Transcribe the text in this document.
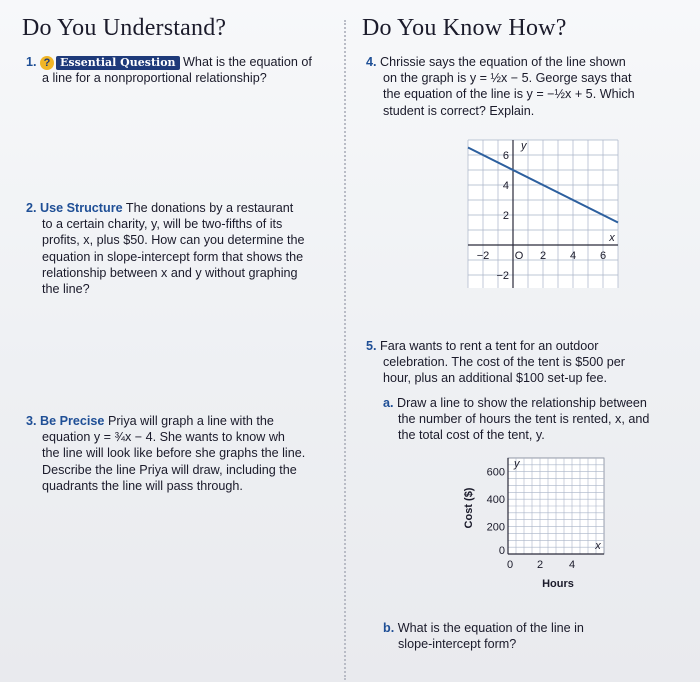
Do You Understand?
1. ? Essential Question What is the equation of
a line for a nonproportional relationship?
2. Use Structure The donations by a restaurant

to a certain charity, y, will be two-fifths of its
profits, x, plus $50. How can you determine the
equation in slope-intercept form that shows the
relationship between x and y without graphing
the line?
3. Be Precise Priya will graph a line with the

equation y = ¾x − 4. She wants to know wh
the line will look like before she graphs the line.
Describe the line Priya will draw, including the
quadrants the line will pass through.
Do You Know How?
4. Chrissie says the equation of the line shown

on the graph is y = ½x − 5. George says that
the equation of the line is y = −½x + 5. Which
student is correct? Explain.
−2 O 2 4 6
6
4
2
−2
x
y
5. Fara wants to rent a tent for an outdoor

celebration. The cost of the tent is $500 per
hour, plus an additional $100 set-up fee.
a. Draw a line to show the relationship between

the number of hours the tent is rented, x, and
the total cost of the tent, y.
0 2 4
600
400
200
0
Hours
Cost ($)
x
y
b. What is the equation of the line in

slope-intercept form?
